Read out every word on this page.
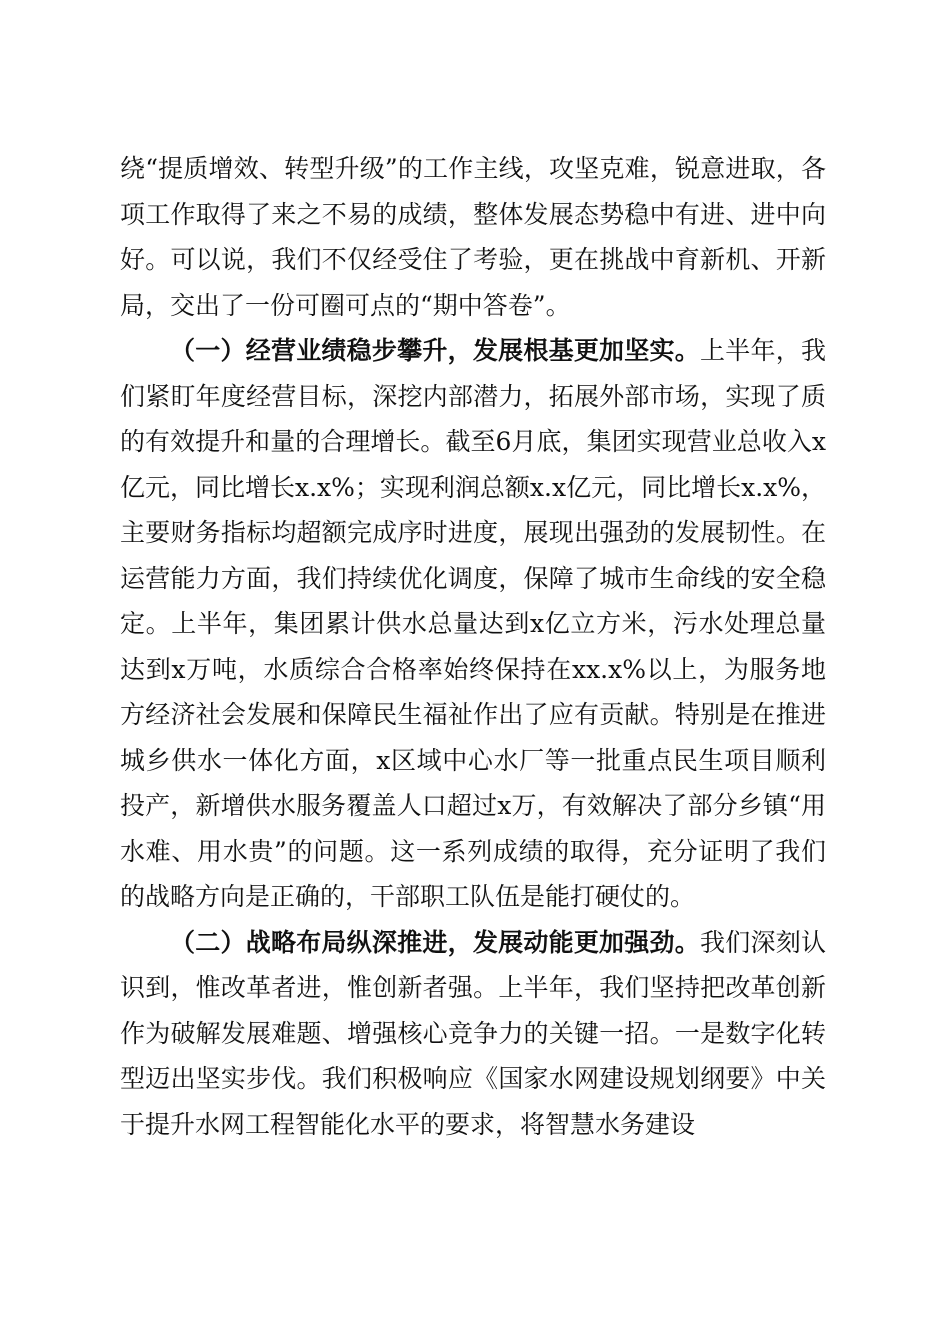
绕“提质增效、转型升级”的工作主线，攻坚克难，锐意进取，各项工作取得了来之不易的成绩，整体发展态势稳中有进、进中向好。可以说，我们不仅经受住了考验，更在挑战中育新机、开新局，交出了一份可圈可点的“期中答卷”。

（一）经营业绩稳步攀升，发展根基更加坚实。上半年，我们紧盯年度经营目标，深挖内部潜力，拓展外部市场，实现了质的有效提升和量的合理增长。截至6月底，集团实现营业总收入x亿元，同比增长x.x%；实现利润总额x.x亿元，同比增长x.x%，主要财务指标均超额完成序时进度，展现出强劲的发展韧性。在运营能力方面，我们持续优化调度，保障了城市生命线的安全稳定。上半年，集团累计供水总量达到x亿立方米，污水处理总量达到x万吨，水质综合合格率始终保持在xx.x%以上，为服务地方经济社会发展和保障民生福祉作出了应有贡献。特别是在推进城乡供水一体化方面，x区域中心水厂等一批重点民生项目顺利投产，新增供水服务覆盖人口超过x万，有效解决了部分乡镇“用水难、用水贵”的问题。这一系列成绩的取得，充分证明了我们的战略方向是正确的，干部职工队伍是能打硬仗的。

（二）战略布局纵深推进，发展动能更加强劲。我们深刻认识到，惟改革者进，惟创新者强。上半年，我们坚持把改革创新作为破解发展难题、增强核心竞争力的关键一招。一是数字化转型迈出坚实步伐。我们积极响应《国家水网建设规划纲要》中关于提升水网工程智能化水平的要求，将智慧水务建设
